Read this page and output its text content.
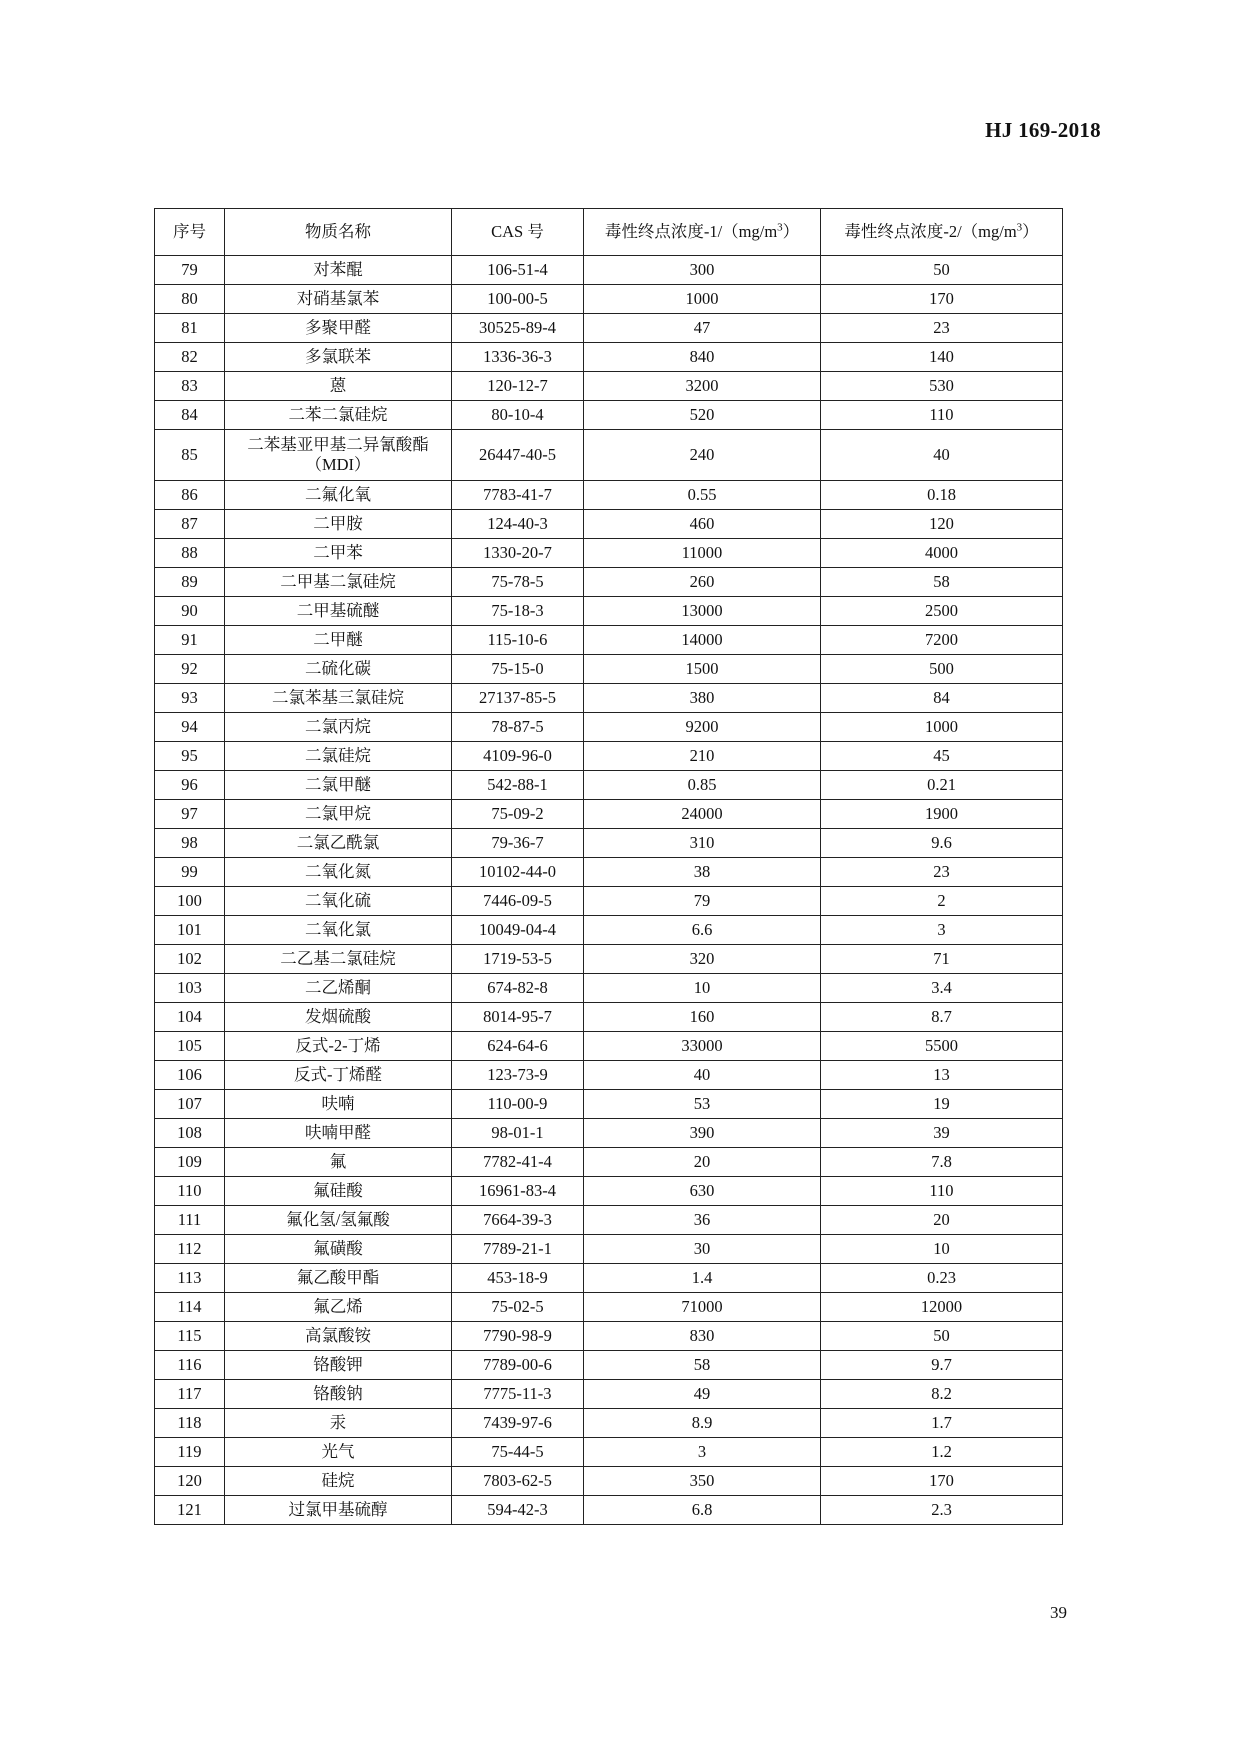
HJ 169-2018
序号	物质名称	CAS 号	毒性终点浓度$-1/(mg/m^3)$	毒性终点浓度$-2/(mg/m^3)$
79	对苯醌	106-51-4	300	50
80	对硝基氯苯	100-00-5	1000	170
81	多聚甲醛	30525-89-4	47	23
82	多氯联苯	1336-36-3	840	140
83	蒽	120-12-7	3200	530
84	二苯二氯硅烷	80-10-4	520	110
85	二苯基亚甲基二异氰酸酯（MDI）	26447-40-5	240	40
86	二氟化氧	7783-41-7	0.55	0.18
87	二甲胺	124-40-3	460	120
88	二甲苯	1330-20-7	11000	4000
89	二甲基二氯硅烷	75-78-5	260	58
90	二甲基硫醚	75-18-3	13000	2500
91	二甲醚	115-10-6	14000	7200
92	二硫化碳	75-15-0	1500	500
93	二氯苯基三氯硅烷	27137-85-5	380	84
94	二氯丙烷	78-87-5	9200	1000
95	二氯硅烷	4109-96-0	210	45
96	二氯甲醚	542-88-1	0.85	0.21
97	二氯甲烷	75-09-2	24000	1900
98	二氯乙酰氯	79-36-7	310	9.6
99	二氧化氮	10102-44-0	38	23
100	二氧化硫	7446-09-5	79	2
101	二氧化氯	10049-04-4	6.6	3
102	二乙基二氯硅烷	1719-53-5	320	71
103	二乙烯酮	674-82-8	10	3.4
104	发烟硫酸	8014-95-7	160	8.7
105	反式-2-丁烯	624-64-6	33000	5500
106	反式-丁烯醛	123-73-9	40	13
107	呋喃	110-00-9	53	19
108	呋喃甲醛	98-01-1	390	39
109	氟	7782-41-4	20	7.8
110	氟硅酸	16961-83-4	630	110
111	氟化氢/氢氟酸	7664-39-3	36	20
112	氟磺酸	7789-21-1	30	10
113	氟乙酸甲酯	453-18-9	1.4	0.23
114	氟乙烯	75-02-5	71000	12000
115	高氯酸铵	7790-98-9	830	50
116	铬酸钾	7789-00-6	58	9.7
117	铬酸钠	7775-11-3	49	8.2
118	汞	7439-97-6	8.9	1.7
119	光气	75-44-5	3	1.2
120	硅烷	7803-62-5	350	170
121	过氯甲基硫醇	594-42-3	6.8	2.3
39
